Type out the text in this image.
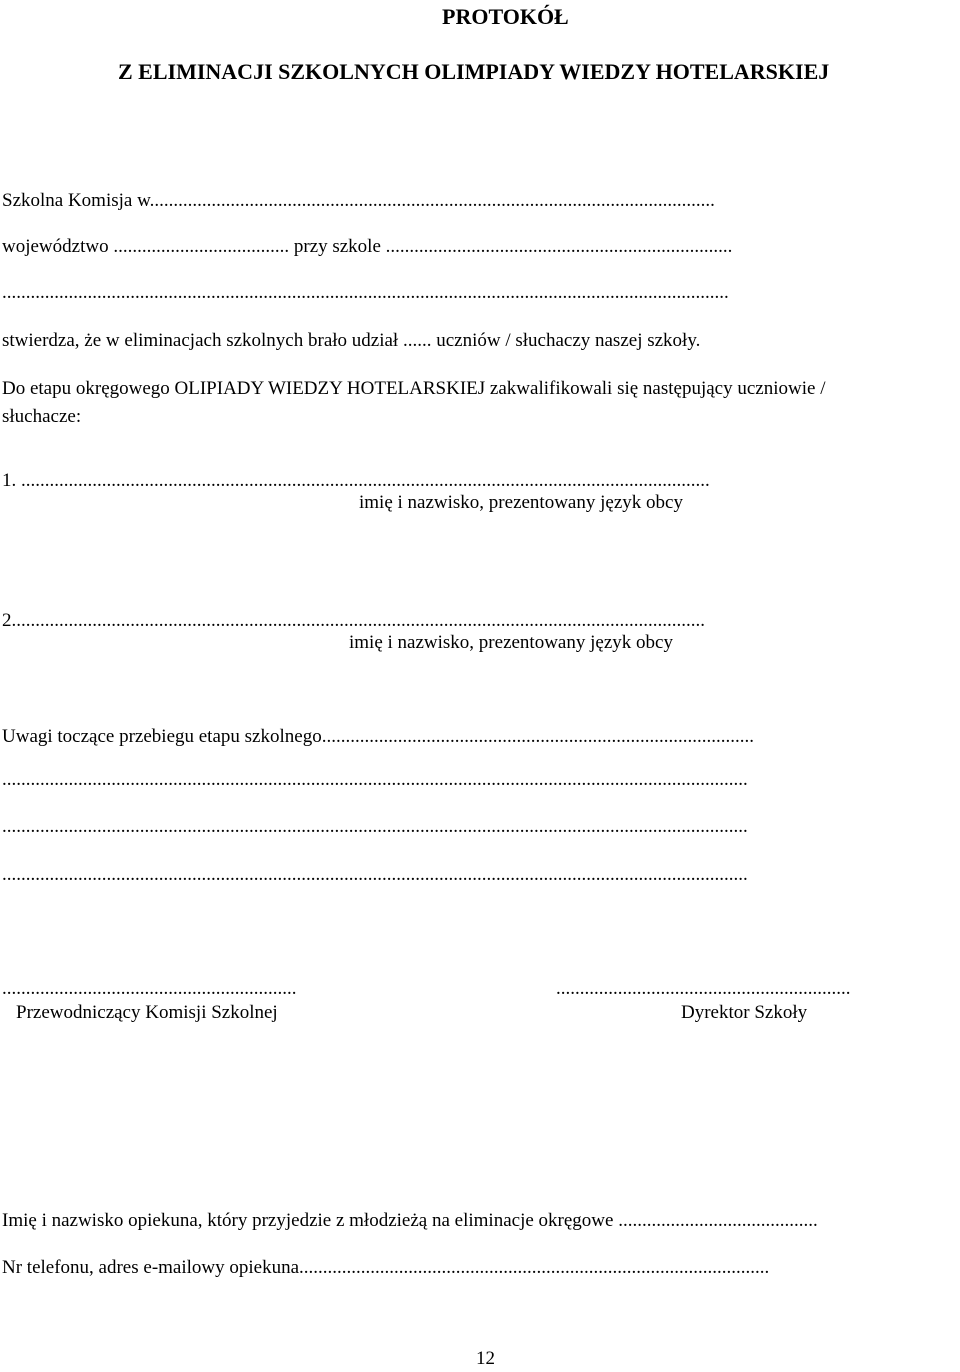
PROTOKÓŁ
Z ELIMINACJI SZKOLNYCH OLIMPIADY WIEDZY HOTELARSKIEJ
Szkolna Komisja w.......................................................................................................................
województwo ..................................... przy szkole .........................................................................
.........................................................................................................................................................
stwierdza, że w eliminacjach szkolnych brało udział ...... uczniów / słuchaczy naszej szkoły.
Do etapu okręgowego OLIPIADY WIEDZY HOTELARSKIEJ zakwalifikowali się następujący uczniowie /
słuchacze:
1. .................................................................................................................................................
imię i nazwisko, prezentowany język obcy
2..................................................................................................................................................
imię i nazwisko, prezentowany język obcy
Uwagi toczące przebiegu etapu szkolnego...........................................................................................
.............................................................................................................................................................
.............................................................................................................................................................
.............................................................................................................................................................
..............................................................
Przewodniczący Komisji Szkolnej
..............................................................
Dyrektor Szkoły
Imię i nazwisko opiekuna, który przyjedzie z młodzieżą na eliminacje okręgowe ..........................................
Nr telefonu, adres e-mailowy opiekuna...................................................................................................
12
